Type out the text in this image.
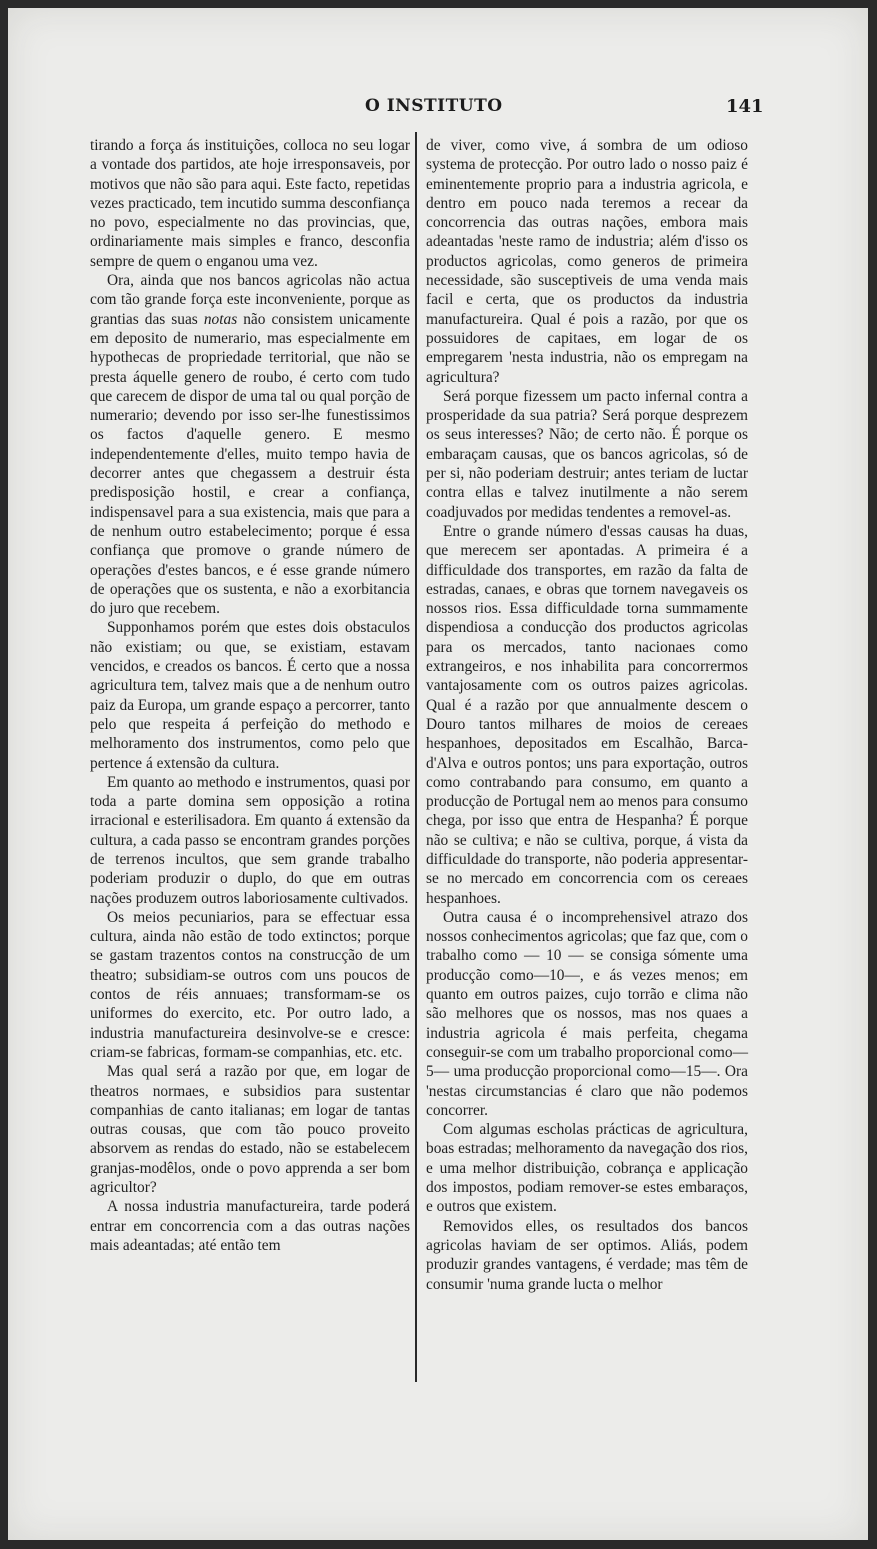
O INSTITUTO	141

tirando a força ás instituições, colloca no seu logar a vontade dos partidos, ate hoje irresponsaveis, por motivos que não são para aqui. Este facto, repetidas vezes practicado, tem incutido summa desconfiança no povo, especialmente no das provincias, que, ordinariamente mais simples e franco, desconfia sempre de quem o enganou uma vez.

Ora, ainda que nos bancos agricolas não actua com tão grande força este inconveniente, porque as grantias das suas notas não consistem unicamente em deposito de numerario, mas especialmente em hypothecas de propriedade territorial, que não se presta áquelle genero de roubo, é certo com tudo que carecem de dispor de uma tal ou qual porção de numerario; devendo por isso ser-lhe funestissimos os factos d'aquelle genero. E mesmo independentemente d'elles, muito tempo havia de decorrer antes que chegassem a destruir ésta predisposição hostil, e crear a confiança, indispensavel para a sua existencia, mais que para a de nenhum outro estabelecimento; porque é essa confiança que promove o grande número de operações d'estes bancos, e é esse grande número de operações que os sustenta, e não a exorbitancia do juro que recebem.

Supponhamos porém que estes dois obstaculos não existiam; ou que, se existiam, estavam vencidos, e creados os bancos. É certo que a nossa agricultura tem, talvez mais que a de nenhum outro paiz da Europa, um grande espaço a percorrer, tanto pelo que respeita á perfeição do methodo e melhoramento dos instrumentos, como pelo que pertence á extensão da cultura.

Em quanto ao methodo e instrumentos, quasi por toda a parte domina sem opposição a rotina irracional e esterilisadora. Em quanto á extensão da cultura, a cada passo se encontram grandes porções de terrenos incultos, que sem grande trabalho poderiam produzir o duplo, do que em outras nações produzem outros laboriosamente cultivados.

Os meios pecuniarios, para se effectuar essa cultura, ainda não estão de todo extinctos; porque se gastam trazentos contos na construcção de um theatro; subsidiam-se outros com uns poucos de contos de réis annuaes; transformam-se os uniformes do exercito, etc. Por outro lado, a industria manufactureira desinvolve-se e cresce: criam-se fabricas, formam-se companhias, etc. etc.

Mas qual será a razão por que, em logar de theatros normaes, e subsidios para sustentar companhias de canto italianas; em logar de tantas outras cousas, que com tão pouco proveito absorvem as rendas do estado, não se estabelecem granjas-modêlos, onde o povo apprenda a ser bom agricultor?

A nossa industria manufactureira, tarde poderá entrar em concorrencia com a das outras nações mais adeantadas; até então tem

de viver, como vive, á sombra de um odioso systema de protecção. Por outro lado o nosso paiz é eminentemente proprio para a industria agricola, e dentro em pouco nada teremos a recear da concorrencia das outras nações, embora mais adeantadas 'neste ramo de industria; além d'isso os productos agricolas, como generos de primeira necessidade, são susceptiveis de uma venda mais facil e certa, que os productos da industria manufactureira. Qual é pois a razão, por que os possuidores de capitaes, em logar de os empregarem 'nesta industria, não os empregam na agricultura?

Será porque fizessem um pacto infernal contra a prosperidade da sua patria? Será porque desprezem os seus interesses? Não; de certo não. É porque os embaraçam causas, que os bancos agricolas, só de per si, não poderiam destruir; antes teriam de luctar contra ellas e talvez inutilmente a não serem coadjuvados por medidas tendentes a removel-as.

Entre o grande número d'essas causas ha duas, que merecem ser apontadas. A primeira é a difficuldade dos transportes, em razão da falta de estradas, canaes, e obras que tornem navegaveis os nossos rios. Essa difficuldade torna summamente dispendiosa a conducção dos productos agricolas para os mercados, tanto nacionaes como extrangeiros, e nos inhabilita para concorrermos vantajosamente com os outros paizes agricolas. Qual é a razão por que annualmente descem o Douro tantos milhares de moios de cereaes hespanhoes, depositados em Escalhão, Barca-d'Alva e outros pontos; uns para exportação, outros como contrabando para consumo, em quanto a producção de Portugal nem ao menos para consumo chega, por isso que entra de Hespanha? É porque não se cultiva; e não se cultiva, porque, á vista da difficuldade do transporte, não poderia appresentar-se no mercado em concorrencia com os cereaes hespanhoes.

Outra causa é o incomprehensivel atrazo dos nossos conhecimentos agricolas; que faz que, com o trabalho como — 10 — se consiga sómente uma producção como—10—, e ás vezes menos; em quanto em outros paizes, cujo torrão e clima não são melhores que os nossos, mas nos quaes a industria agricola é mais perfeita, chegama conseguir-se com um trabalho proporcional como—5— uma producção proporcional como—15—. Ora 'nestas circumstancias é claro que não podemos concorrer.

Com algumas escholas prácticas de agricultura, boas estradas; melhoramento da navegação dos rios, e uma melhor distribuição, cobrança e applicação dos impostos, podiam remover-se estes embaraços, e outros que existem.

Removidos elles, os resultados dos bancos agricolas haviam de ser optimos. Aliás, podem produzir grandes vantagens, é verdade; mas têm de consumir 'numa grande lucta o melhor
